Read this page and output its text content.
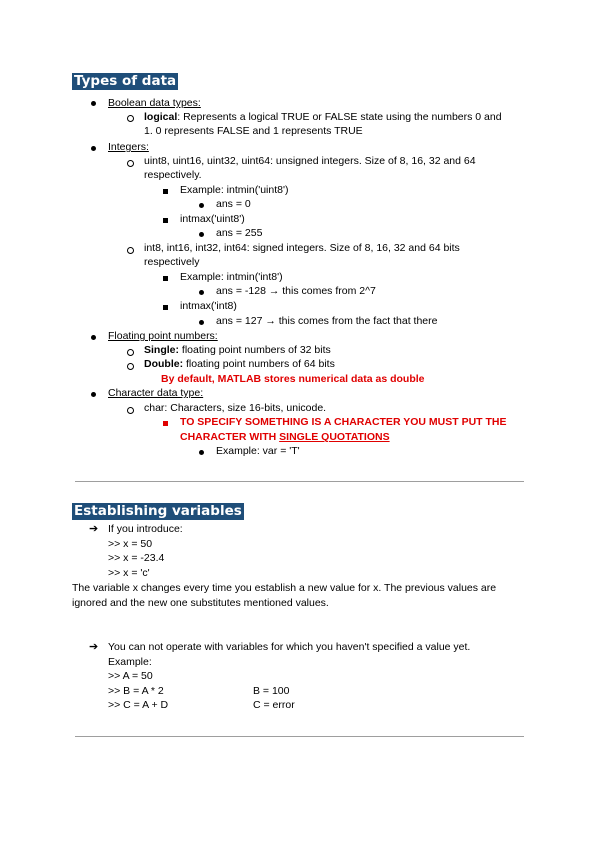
Types of data
Boolean data types:
logical: Represents a logical TRUE or FALSE state using the numbers 0 and
1. 0 represents FALSE and 1 represents TRUE
Integers:
uint8, uint16, uint32, uint64: unsigned integers. Size of 8, 16, 32 and 64
respectively.
Example: intmin('uint8')
ans = 0
intmax('uint8')
ans = 255
int8, int16, int32, int64: signed integers. Size of 8, 16, 32 and 64 bits
respectively
Example: intmin('int8')
ans = -128 → this comes from 2^7
intmax('int8)
ans = 127 → this comes from the fact that there
Floating point numbers:
Single: floating point numbers of 32 bits
Double: floating point numbers of 64 bits
By default, MATLAB stores numerical data as double
Character data type:
char: Characters, size 16-bits, unicode.
TO SPECIFY SOMETHING IS A CHARACTER YOU MUST PUT THE
CHARACTER WITH SINGLE QUOTATIONS
Example: var = 'T'
Establishing variables
➔ If you introduce:
>> x = 50
>> x = -23.4
>> x = 'c'
The variable x changes every time you establish a new value for x. The previous values are
ignored and the new one substitutes mentioned values.
➔ You can not operate with variables for which you haven't specified a value yet.
Example:
>> A = 50
>> B = A * 2	B = 100
>> C = A + D	C = error
